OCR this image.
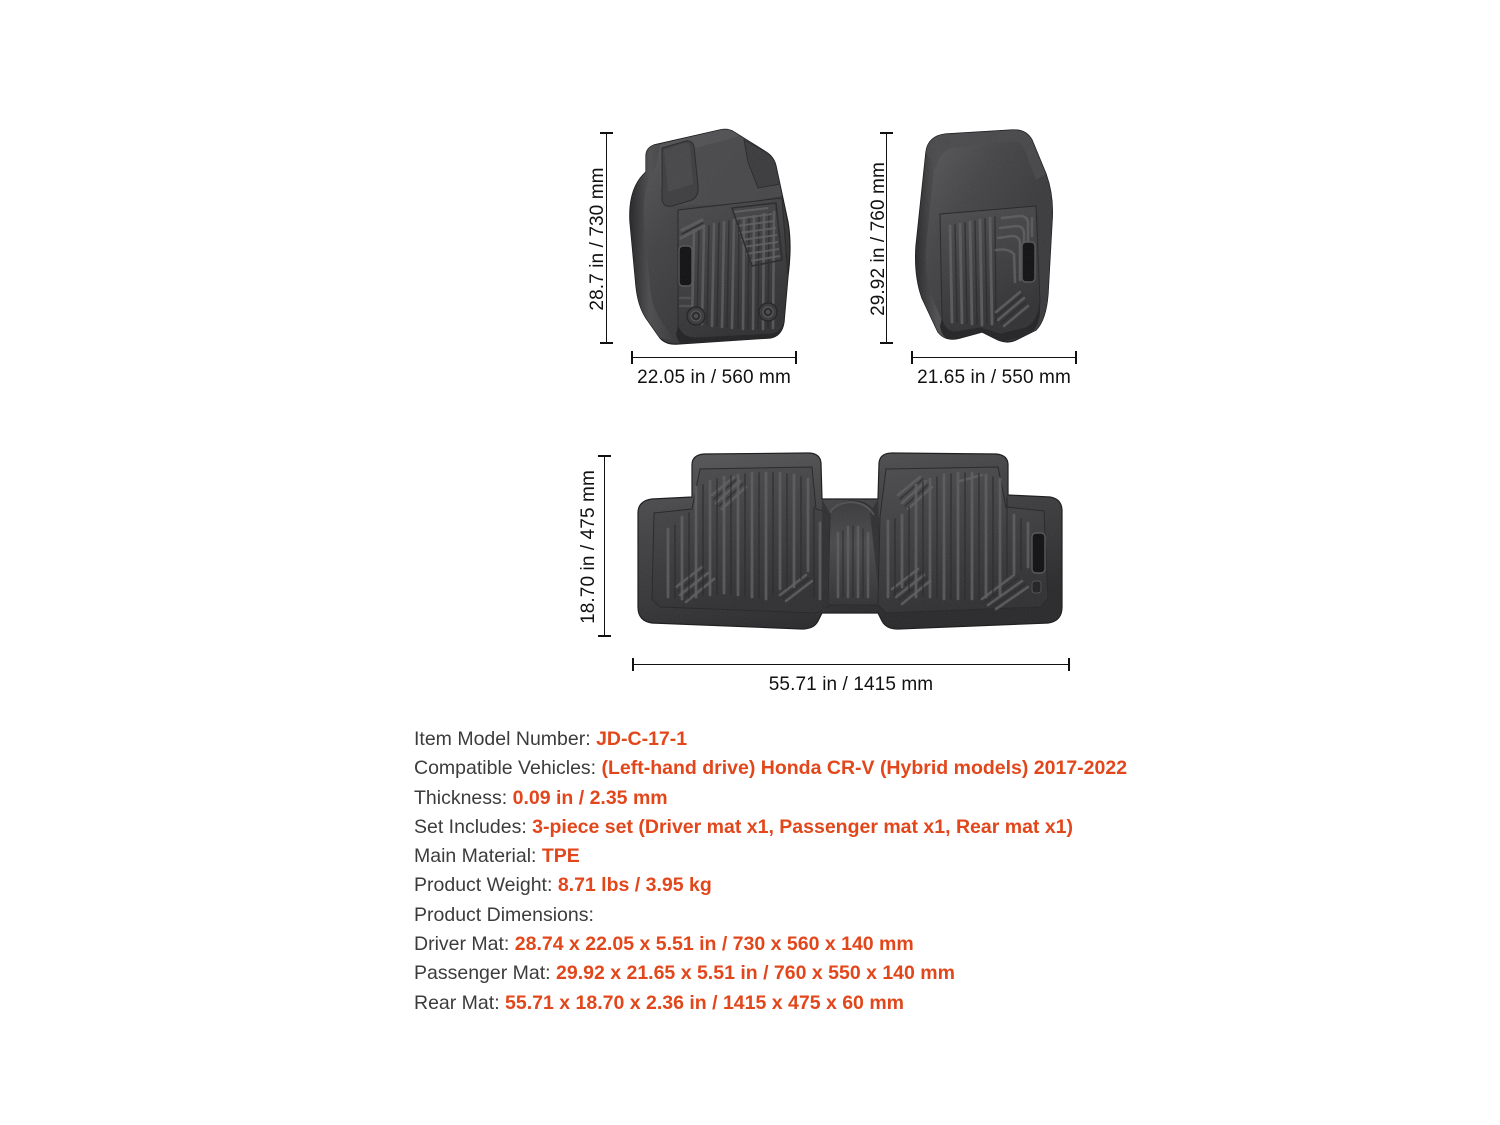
28.7 in / 730 mm
22.05 in / 560 mm
29.92 in / 760 mm
21.65 in / 550 mm
18.70 in / 475 mm
55.71 in / 1415 mm
Item Model Number: JD-C-17-1
Compatible Vehicles: (Left-hand drive) Honda CR-V (Hybrid models) 2017-2022
Thickness: 0.09 in / 2.35 mm
Set Includes: 3-piece set (Driver mat x1, Passenger mat x1, Rear mat x1)
Main Material: TPE
Product Weight: 8.71 lbs / 3.95 kg
Product Dimensions:
Driver Mat: 28.74 x 22.05 x 5.51 in / 730 x 560 x 140 mm
Passenger Mat: 29.92 x 21.65 x 5.51 in / 760 x 550 x 140 mm
Rear Mat: 55.71 x 18.70 x 2.36 in / 1415 x 475 x 60 mm
